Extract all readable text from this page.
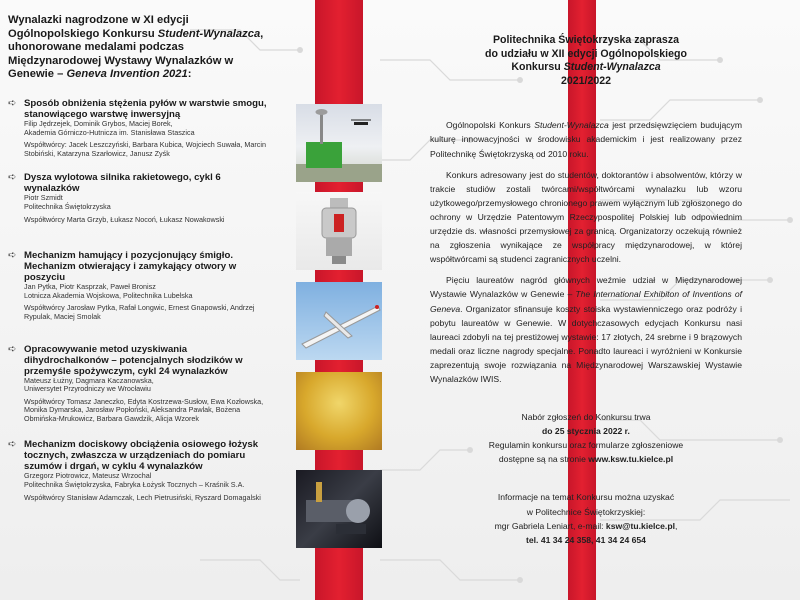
Wynalazki nagrodzone w XI edycji Ogólnopolskiego Konkursu Student-Wynalazca, uhonorowane medalami podczas Międzynarodowej Wystawy Wynalazków w Genewie – Geneva Invention 2021:
➪ Sposób obniżenia stężenia pyłów w warstwie smogu, stanowiącego warstwę inwersyjną

Filip Jędrzejek, Dominik Grybos, Maciej Borek,
Akademia Górniczo-Hutnicza im. Stanisława Staszica

Współtwórcy: Jacek Leszczyński, Barbara Kubica, Wojciech Suwała, Marcin Stobiński, Katarzyna Szarłowicz, Janusz Zyśk

➪ Dysza wylotowa silnika rakietowego, cykl 6 wynalazków

Piotr Szmidt
Politechnika Świętokrzyska

Współtwórcy Marta Grzyb, Łukasz Nocoń, Łukasz Nowakowski

➪ Mechanizm hamujący i pozycjonujący śmigło. Mechanizm otwierający i zamykający otwory w poszyciu

Jan Pytka, Piotr Kasprzak, Paweł Bronisz
Lotnicza Akademia Wojskowa, Politechnika Lubelska

Współtwórcy Jarosław Pytka, Rafał Longwic, Ernest Gnapowski, Andrzej Rypulak, Maciej Smolak

➪ Opracowywanie metod uzyskiwania dihydrochalkonów – potencjalnych słodzików w przemyśle spożywczym, cykl 24 wynalazków

Mateusz Łużny, Dagmara Kaczanowska,
Uniwersytet Przyrodniczy we Wrocławiu

Współtwórcy Tomasz Janeczko, Edyta Kostrzewa-Susłow, Ewa Kozłowska, Monika Dymarska, Jarosław Popłoński, Aleksandra Pawlak, Bożena Obmińska-Mrukowicz, Barbara Gawdzik, Alicja Wzorek

➪ Mechanizm dociskowy obciążenia osiowego łożysk tocznych, zwłaszcza w urządzeniach do pomiaru szumów i drgań, w cyklu 4 wynalazków

Grzegorz Piotrowicz, Mateusz Wrzochal
Politechnika Świętokrzyska, Fabryka Łożysk Tocznych – Kraśnik S.A.

Współtwórcy Stanisław Adamczak, Lech Pietrusiński, Ryszard Domagalski

Politechnika Świętokrzyska zaprasza
do udziału w XII edycji Ogólnopolskiego
Konkursu Student-Wynalazca
2021/2022

Ogólnopolski Konkurs Student-Wynalazca jest przedsięwzięciem budującym kulturę innowacyjności w środowisku akademickim i jest realizowany przez Politechnikę Świętokrzyską od 2010 roku.

Konkurs adresowany jest do studentów, doktorantów i absolwentów, którzy w trakcie studiów zostali twórcami/współtwórcami wynalazku lub wzoru użytkowego/przemysłowego chronionego prawem wyłącznym lub zgłoszonego do ochrony w Urzędzie Patentowym Rzeczypospolitej Polskiej lub odpowiednim urzędzie ds. własności przemysłowej za granicą. Organizatorzy oczekują również na zgłoszenia wynikające ze współpracy międzynarodowej, w której współtwórcami są studenci zagranicznych uczelni.

Pięciu laureatów nagród głównych weźmie udział w Międzynarodowej Wystawie Wynalazków w Genewie – The International Exhibiton of Inventions of Geneva. Organizator sfinansuje koszty stoiska wystawienniczego oraz podróży i pobytu laureatów w Genewie. W dotychczasowych edycjach Konkursu nasi laureaci zdobyli na tej prestiżowej wystawie: 17 złotych, 24 srebrne i 9 brązowych medali oraz liczne nagrody specjalne. Ponadto laureaci i wyróżnieni w Konkursie zaprezentują swoje rozwiązania na Międzynarodowej Warszawskiej Wystawie Wynalazków IWIS.

Nabór zgłoszeń do Konkursu trwa

do 25 stycznia 2022 r.

Regulamin konkursu oraz formularze zgłoszeniowe

dostępne są na stronie www.ksw.tu.kielce.pl

Informacje na temat Konkursu można uzyskać

w Politechnice Świętokrzyskiej:

mgr Gabriela Leniart, e-mail: ksw@tu.kielce.pl,

tel. 41 34 24 358, 41 34 24 654
